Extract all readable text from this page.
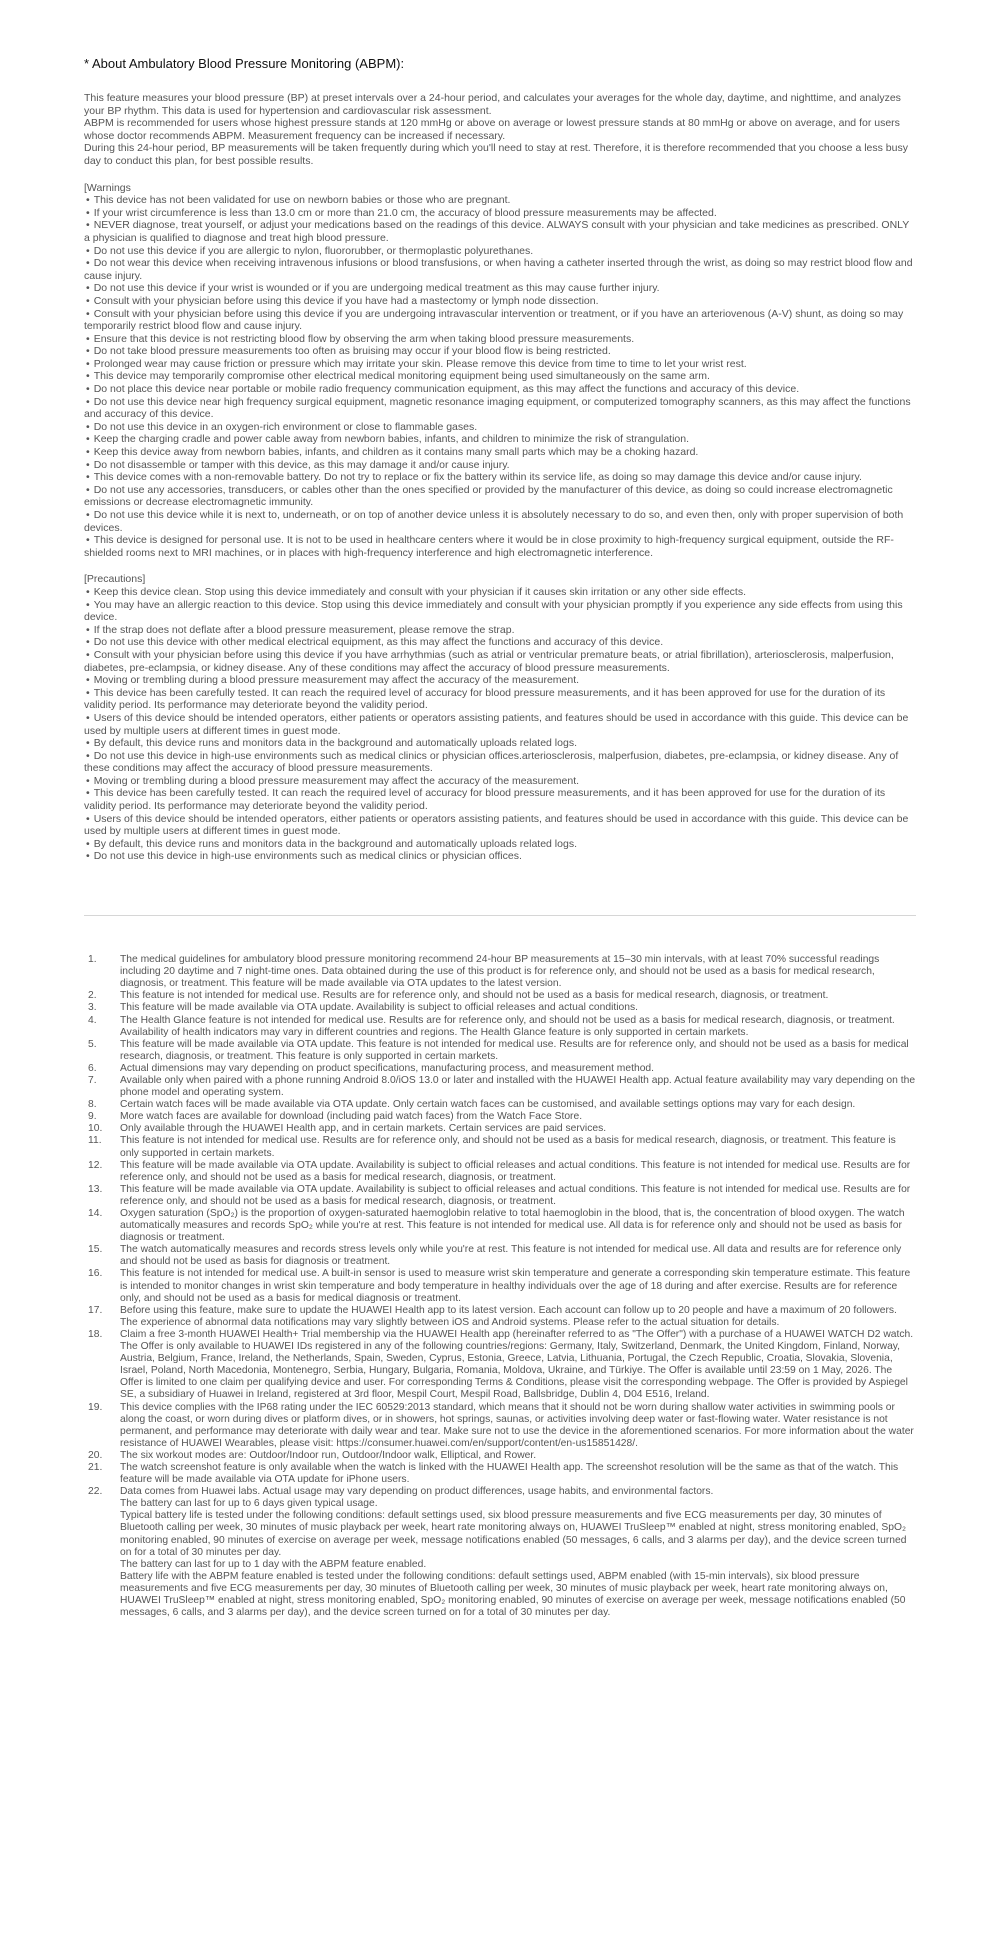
* About Ambulatory Blood Pressure Monitoring (ABPM):

This feature measures your blood pressure (BP) at preset intervals over a 24-hour period, and calculates your averages for the whole day, daytime, and nighttime, and analyzes your BP rhythm. This data is used for hypertension and cardiovascular risk assessment.

ABPM is recommended for users whose highest pressure stands at 120 mmHg or above on average or lowest pressure stands at 80 mmHg or above on average, and for users whose doctor recommends ABPM. Measurement frequency can be increased if necessary.

During this 24-hour period, BP measurements will be taken frequently during which you'll need to stay at rest. Therefore, it is therefore recommended that you choose a less busy day to conduct this plan, for best possible results.

[Warnings
• This device has not been validated for use on newborn babies or those who are pregnant.
• If your wrist circumference is less than 13.0 cm or more than 21.0 cm, the accuracy of blood pressure measurements may be affected.
• NEVER diagnose, treat yourself, or adjust your medications based on the readings of this device. ALWAYS consult with your physician and take medicines as prescribed. ONLY a physician is qualified to diagnose and treat high blood pressure.
• Do not use this device if you are allergic to nylon, fluororubber, or thermoplastic polyurethanes.
• Do not wear this device when receiving intravenous infusions or blood transfusions, or when having a catheter inserted through the wrist, as doing so may restrict blood flow and cause injury.
• Do not use this device if your wrist is wounded or if you are undergoing medical treatment as this may cause further injury.
• Consult with your physician before using this device if you have had a mastectomy or lymph node dissection.
• Consult with your physician before using this device if you are undergoing intravascular intervention or treatment, or if you have an arteriovenous (A-V) shunt, as doing so may temporarily restrict blood flow and cause injury.
• Ensure that this device is not restricting blood flow by observing the arm when taking blood pressure measurements.
• Do not take blood pressure measurements too often as bruising may occur if your blood flow is being restricted.
• Prolonged wear may cause friction or pressure which may irritate your skin. Please remove this device from time to time to let your wrist rest.
• This device may temporarily compromise other electrical medical monitoring equipment being used simultaneously on the same arm.
• Do not place this device near portable or mobile radio frequency communication equipment, as this may affect the functions and accuracy of this device.
• Do not use this device near high frequency surgical equipment, magnetic resonance imaging equipment, or computerized tomography scanners, as this may affect the functions and accuracy of this device.
• Do not use this device in an oxygen-rich environment or close to flammable gases.
• Keep the charging cradle and power cable away from newborn babies, infants, and children to minimize the risk of strangulation.
• Keep this device away from newborn babies, infants, and children as it contains many small parts which may be a choking hazard.
• Do not disassemble or tamper with this device, as this may damage it and/or cause injury.
• This device comes with a non-removable battery. Do not try to replace or fix the battery within its service life, as doing so may damage this device and/or cause injury.
• Do not use any accessories, transducers, or cables other than the ones specified or provided by the manufacturer of this device, as doing so could increase electromagnetic emissions or decrease electromagnetic immunity.
• Do not use this device while it is next to, underneath, or on top of another device unless it is absolutely necessary to do so, and even then, only with proper supervision of both devices.
• This device is designed for personal use. It is not to be used in healthcare centers where it would be in close proximity to high-frequency surgical equipment, outside the RF-shielded rooms next to MRI machines, or in places with high-frequency interference and high electromagnetic interference.
[Precautions]
• Keep this device clean. Stop using this device immediately and consult with your physician if it causes skin irritation or any other side effects.
• You may have an allergic reaction to this device. Stop using this device immediately and consult with your physician promptly if you experience any side effects from using this device.
• If the strap does not deflate after a blood pressure measurement, please remove the strap.
• Do not use this device with other medical electrical equipment, as this may affect the functions and accuracy of this device.
• Consult with your physician before using this device if you have arrhythmias (such as atrial or ventricular premature beats, or atrial fibrillation), arteriosclerosis, malperfusion, diabetes, pre-eclampsia, or kidney disease. Any of these conditions may affect the accuracy of blood pressure measurements.
• Moving or trembling during a blood pressure measurement may affect the accuracy of the measurement.
• This device has been carefully tested. It can reach the required level of accuracy for blood pressure measurements, and it has been approved for use for the duration of its validity period. Its performance may deteriorate beyond the validity period.
• Users of this device should be intended operators, either patients or operators assisting patients, and features should be used in accordance with this guide. This device can be used by multiple users at different times in guest mode.
• By default, this device runs and monitors data in the background and automatically uploads related logs.
• Do not use this device in high-use environments such as medical clinics or physician offices.arteriosclerosis, malperfusion, diabetes, pre-eclampsia, or kidney disease. Any of these conditions may affect the accuracy of blood pressure measurements.
• Moving or trembling during a blood pressure measurement may affect the accuracy of the measurement.
• This device has been carefully tested. It can reach the required level of accuracy for blood pressure measurements, and it has been approved for use for the duration of its validity period. Its performance may deteriorate beyond the validity period.
• Users of this device should be intended operators, either patients or operators assisting patients, and features should be used in accordance with this guide. This device can be used by multiple users at different times in guest mode.
• By default, this device runs and monitors data in the background and automatically uploads related logs.
• Do not use this device in high-use environments such as medical clinics or physician offices.
1.	The medical guidelines for ambulatory blood pressure monitoring recommend 24-hour BP measurements at 15–30 min intervals, with at least 70% successful readings including 20 daytime and 7 night-time ones. Data obtained during the use of this product is for reference only, and should not be used as a basis for medical research, diagnosis, or treatment. This feature will be made available via OTA updates to the latest version.
2.	This feature is not intended for medical use. Results are for reference only, and should not be used as a basis for medical research, diagnosis, or treatment.
3.	This feature will be made available via OTA update. Availability is subject to official releases and actual conditions.
4.	The Health Glance feature is not intended for medical use. Results are for reference only, and should not be used as a basis for medical research, diagnosis, or treatment. Availability of health indicators may vary in different countries and regions. The Health Glance feature is only supported in certain markets.
5.	This feature will be made available via OTA update. This feature is not intended for medical use. Results are for reference only, and should not be used as a basis for medical research, diagnosis, or treatment. This feature is only supported in certain markets.
6.	Actual dimensions may vary depending on product specifications, manufacturing process, and measurement method.
7.	Available only when paired with a phone running Android 8.0/iOS 13.0 or later and installed with the HUAWEI Health app. Actual feature availability may vary depending on the phone model and operating system.
8.	Certain watch faces will be made available via OTA update. Only certain watch faces can be customised, and available settings options may vary for each design.
9.	More watch faces are available for download (including paid watch faces) from the Watch Face Store.
10.	Only available through the HUAWEI Health app, and in certain markets. Certain services are paid services.
11.	This feature is not intended for medical use. Results are for reference only, and should not be used as a basis for medical research, diagnosis, or treatment. This feature is only supported in certain markets.
12.	This feature will be made available via OTA update. Availability is subject to official releases and actual conditions. This feature is not intended for medical use. Results are for reference only, and should not be used as a basis for medical research, diagnosis, or treatment.
13.	This feature will be made available via OTA update. Availability is subject to official releases and actual conditions. This feature is not intended for medical use. Results are for reference only, and should not be used as a basis for medical research, diagnosis, or treatment.
14.	Oxygen saturation (SpO₂) is the proportion of oxygen-saturated haemoglobin relative to total haemoglobin in the blood, that is, the concentration of blood oxygen. The watch automatically measures and records SpO₂ while you're at rest. This feature is not intended for medical use. All data is for reference only and should not be used as basis for diagnosis or treatment.
15.	The watch automatically measures and records stress levels only while you're at rest. This feature is not intended for medical use. All data and results are for reference only and should not be used as basis for diagnosis or treatment.
16.	This feature is not intended for medical use. A built-in sensor is used to measure wrist skin temperature and generate a corresponding skin temperature estimate. This feature is intended to monitor changes in wrist skin temperature and body temperature in healthy individuals over the age of 18 during and after exercise. Results are for reference only, and should not be used as a basis for medical diagnosis or treatment.
17.	Before using this feature, make sure to update the HUAWEI Health app to its latest version. Each account can follow up to 20 people and have a maximum of 20 followers. The experience of abnormal data notifications may vary slightly between iOS and Android systems. Please refer to the actual situation for details.
18.	Claim a free 3-month HUAWEI Health+ Trial membership via the HUAWEI Health app (hereinafter referred to as "The Offer") with a purchase of a HUAWEI WATCH D2 watch. The Offer is only available to HUAWEI IDs registered in any of the following countries/regions: Germany, Italy, Switzerland, Denmark, the United Kingdom, Finland, Norway, Austria, Belgium, France, Ireland, the Netherlands, Spain, Sweden, Cyprus, Estonia, Greece, Latvia, Lithuania, Portugal, the Czech Republic, Croatia, Slovakia, Slovenia, Israel, Poland, North Macedonia, Montenegro, Serbia, Hungary, Bulgaria, Romania, Moldova, Ukraine, and Türkiye. The Offer is available until 23:59 on 1 May, 2026. The Offer is limited to one claim per qualifying device and user. For corresponding Terms & Conditions, please visit the corresponding webpage. The Offer is provided by Aspiegel SE, a subsidiary of Huawei in Ireland, registered at 3rd floor, Mespil Court, Mespil Road, Ballsbridge, Dublin 4, D04 E516, Ireland.
19.	This device complies with the IP68 rating under the IEC 60529:2013 standard, which means that it should not be worn during shallow water activities in swimming pools or along the coast, or worn during dives or platform dives, or in showers, hot springs, saunas, or activities involving deep water or fast-flowing water. Water resistance is not permanent, and performance may deteriorate with daily wear and tear. Make sure not to use the device in the aforementioned scenarios. For more information about the water resistance of HUAWEI Wearables, please visit: https://consumer.huawei.com/en/support/content/en-us15851428/.
20.	The six workout modes are: Outdoor/Indoor run, Outdoor/Indoor walk, Elliptical, and Rower.
21.	The watch screenshot feature is only available when the watch is linked with the HUAWEI Health app. The screenshot resolution will be the same as that of the watch. This feature will be made available via OTA update for iPhone users.
22.	Data comes from Huawei labs. Actual usage may vary depending on product differences, usage habits, and environmental factors.
The battery can last for up to 6 days given typical usage.
Typical battery life is tested under the following conditions: default settings used, six blood pressure measurements and five ECG measurements per day, 30 minutes of Bluetooth calling per week, 30 minutes of music playback per week, heart rate monitoring always on, HUAWEI TruSleep™ enabled at night, stress monitoring enabled, SpO₂ monitoring enabled, 90 minutes of exercise on average per week, message notifications enabled (50 messages, 6 calls, and 3 alarms per day), and the device screen turned on for a total of 30 minutes per day.
The battery can last for up to 1 day with the ABPM feature enabled.
Battery life with the ABPM feature enabled is tested under the following conditions: default settings used, ABPM enabled (with 15-min intervals), six blood pressure measurements and five ECG measurements per day, 30 minutes of Bluetooth calling per week, 30 minutes of music playback per week, heart rate monitoring always on, HUAWEI TruSleep™ enabled at night, stress monitoring enabled, SpO₂ monitoring enabled, 90 minutes of exercise on average per week, message notifications enabled (50 messages, 6 calls, and 3 alarms per day), and the device screen turned on for a total of 30 minutes per day.
